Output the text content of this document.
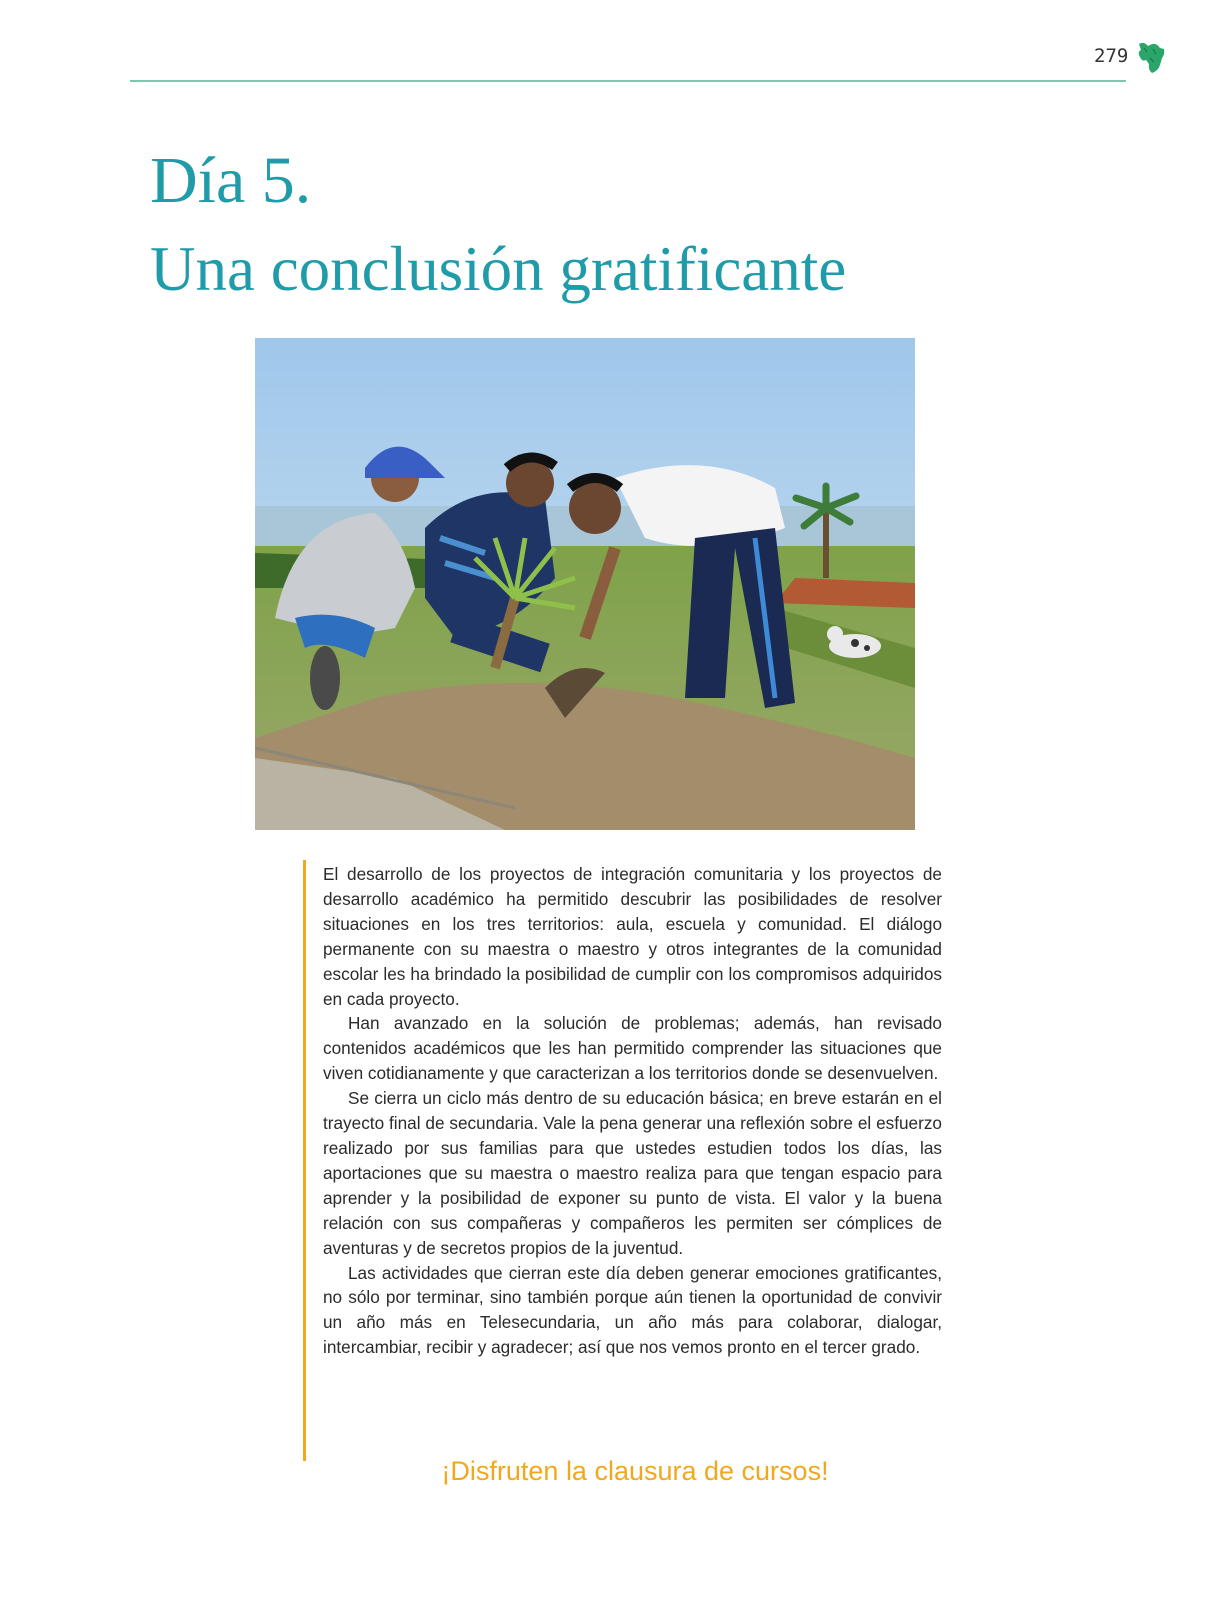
279
Día 5.
Una conclusión gratificante

El desarrollo de los proyectos de integración comunitaria y los proyectos de desarrollo académico ha permitido descubrir las posibilidades de resolver situaciones en los tres territorios: aula, escuela y comunidad. El diálogo permanente con su maestra o maestro y otros integrantes de la comunidad escolar les ha brindado la posibilidad de cumplir con los compromisos adquiridos en cada proyecto.

Han avanzado en la solución de problemas; además, han revisado contenidos académicos que les han permitido comprender las situaciones que viven cotidianamente y que caracterizan a los territorios donde se desenvuelven.

Se cierra un ciclo más dentro de su educación básica; en breve estarán en el trayecto final de secundaria. Vale la pena generar una reflexión sobre el esfuerzo realizado por sus familias para que ustedes estudien todos los días, las aportaciones que su maestra o maestro realiza para que tengan espacio para aprender y la posibilidad de exponer su punto de vista. El valor y la buena relación con sus compañeras y compañeros les permiten ser cómplices de aventuras y de secretos propios de la juventud.

Las actividades que cierran este día deben generar emociones gratificantes, no sólo por terminar, sino también porque aún tienen la oportunidad de convivir un año más en Telesecundaria, un año más para colaborar, dialogar, intercambiar, recibir y agradecer; así que nos vemos pronto en el tercer grado.

¡Disfruten la clausura de cursos!
